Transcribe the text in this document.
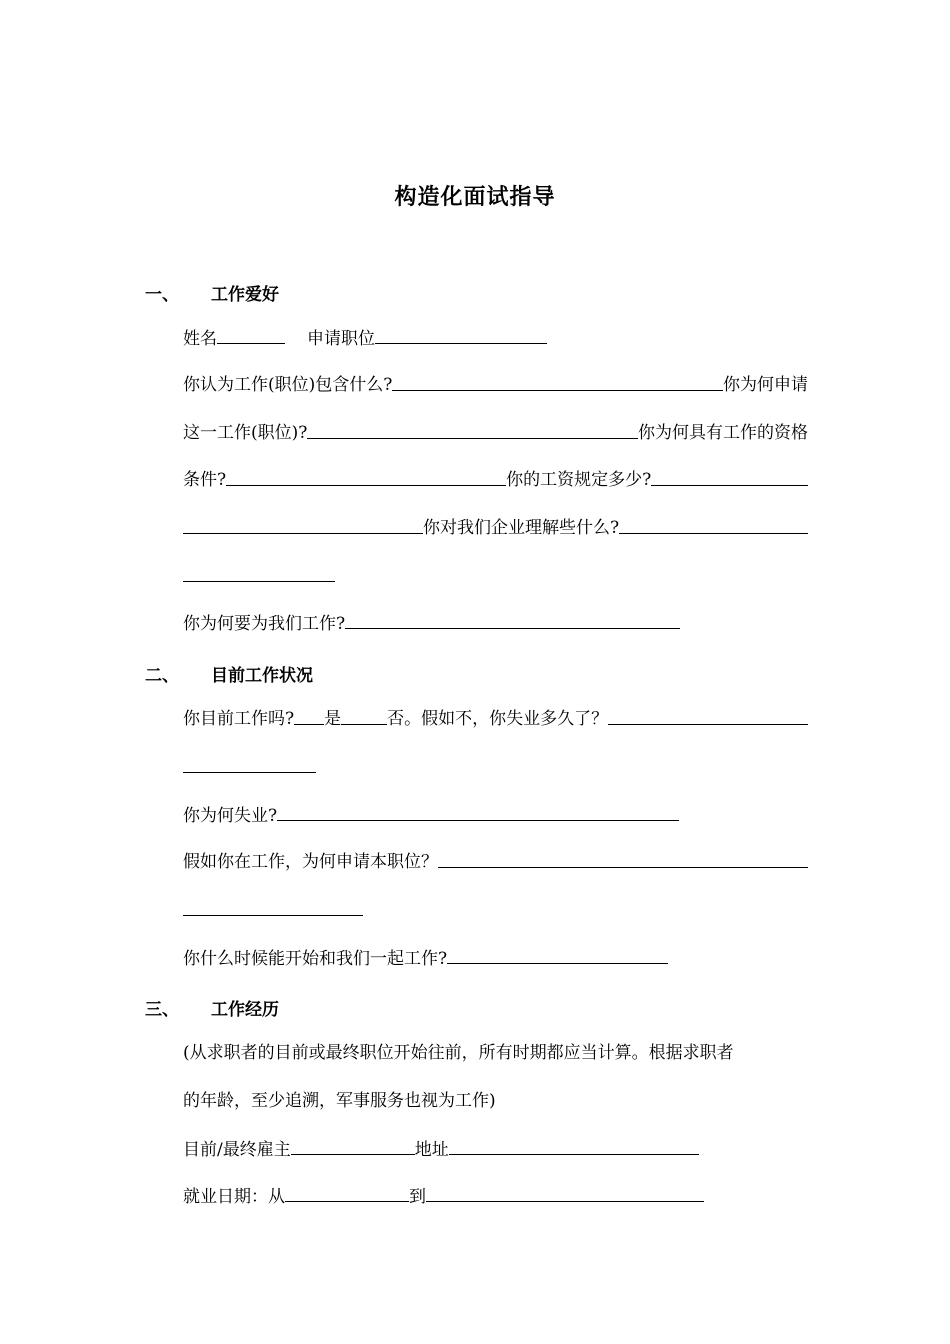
构造化面试指导
一、 工作爱好
姓名	申请职位
你认为工作(职位)包含什么?	你为何申请
这一工作(职位)?	你为何具有工作的资格
条件?	你的工资规定多少?
你对我们企业理解些什么?
你为何要为我们工作?
二、 目前工作状况
你目前工作吗? 是	否。假如不，你失业多久了？
你为何失业?
假如你在工作，为何申请本职位？
你什么时候能开始和我们一起工作?
三、 工作经历
(从求职者的目前或最终职位开始往前，所有时期都应当计算。根据求职者
的年龄，至少追溯，军事服务也视为工作)
目前/最终雇主	地址
就业日期：从	到
